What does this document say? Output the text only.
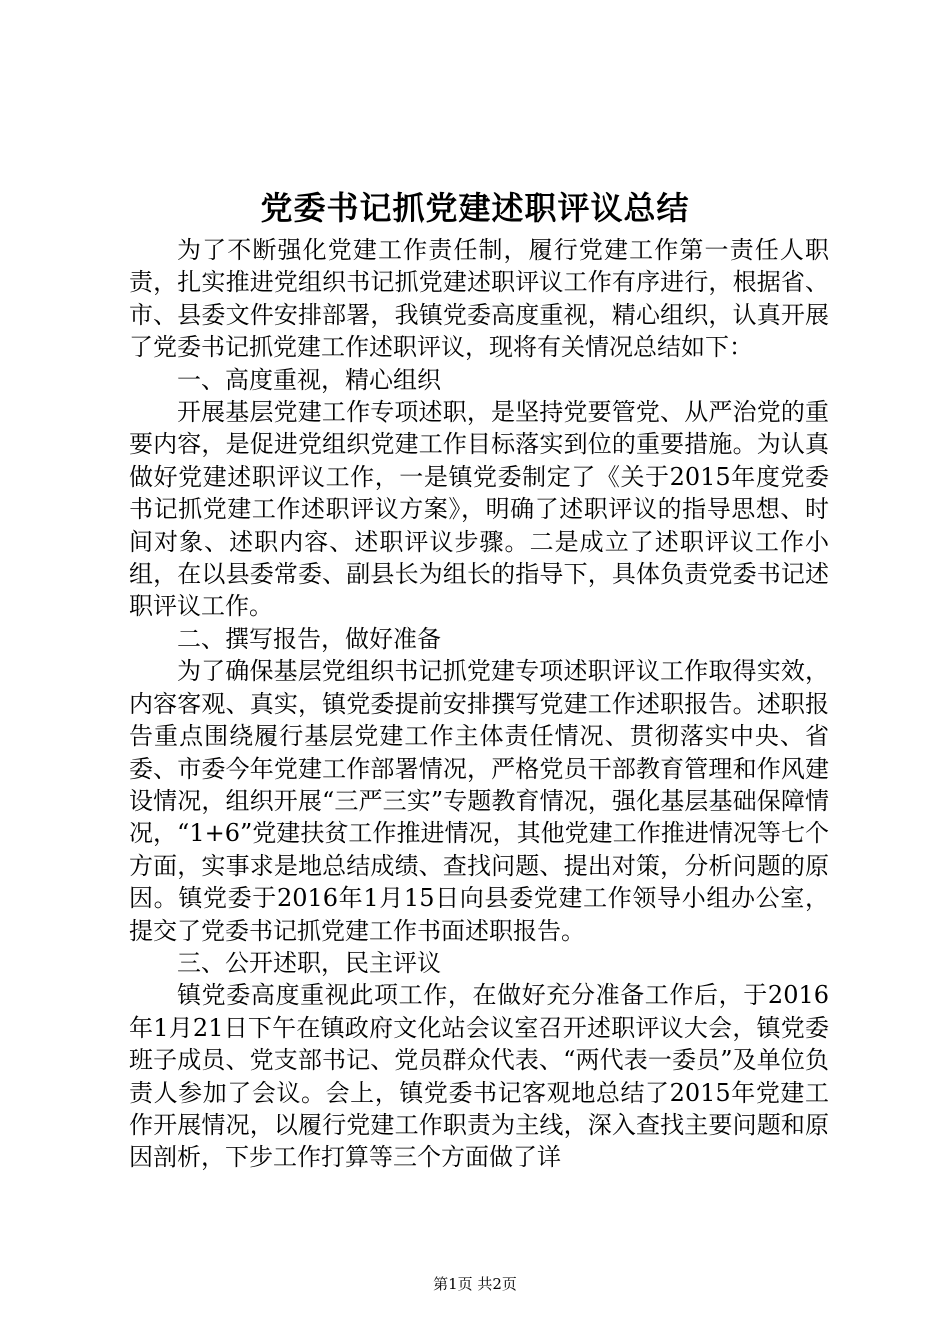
党委书记抓党建述职评议总结

为了不断强化党建工作责任制，履行党建工作第一责任人职责，扎实推进党组织书记抓党建述职评议工作有序进行，根据省、市、县委文件安排部署，我镇党委高度重视，精心组织，认真开展了党委书记抓党建工作述职评议，现将有关情况总结如下：

一、高度重视，精心组织

开展基层党建工作专项述职，是坚持党要管党、从严治党的重要内容，是促进党组织党建工作目标落实到位的重要措施。为认真做好党建述职评议工作，一是镇党委制定了《关于2015年度党委书记抓党建工作述职评议方案》，明确了述职评议的指导思想、时间对象、述职内容、述职评议步骤。二是成立了述职评议工作小组，在以县委常委、副县长为组长的指导下，具体负责党委书记述职评议工作。

二、撰写报告，做好准备

为了确保基层党组织书记抓党建专项述职评议工作取得实效，内容客观、真实，镇党委提前安排撰写党建工作述职报告。述职报告重点围绕履行基层党建工作主体责任情况、贯彻落实中央、省委、市委今年党建工作部署情况，严格党员干部教育管理和作风建设情况，组织开展“三严三实”专题教育情况，强化基层基础保障情况，“1+6”党建扶贫工作推进情况，其他党建工作推进情况等七个方面，实事求是地总结成绩、查找问题、提出对策，分析问题的原因。镇党委于2016年1月15日向县委党建工作领导小组办公室，提交了党委书记抓党建工作书面述职报告。

三、公开述职，民主评议

镇党委高度重视此项工作，在做好充分准备工作后，于2016年1月21日下午在镇政府文化站会议室召开述职评议大会，镇党委班子成员、党支部书记、党员群众代表、“两代表一委员”及单位负责人参加了会议。会上，镇党委书记客观地总结了2015年党建工作开展情况，以履行党建工作职责为主线，深入查找主要问题和原因剖析，下步工作打算等三个方面做了详

第1页 共2页
